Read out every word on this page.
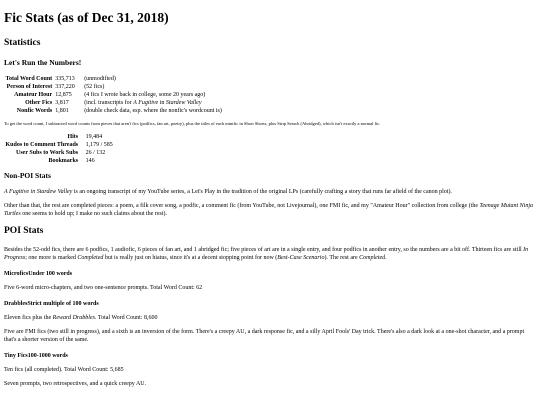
Fic Stats (as of Dec 31, 2018)
Statistics
Let's Run the Numbers!
Total Word Count	335,713	(unmodified)
Person of Interest	337,220	(52 fics)
Amateur Hour	12,875	(4 fics I wrote back in college, some 20 years ago)
Other Fics	3,817	(incl. transcripts for A Fugitive in Stardew Valley
Nonfic Words	1,801	(double check data, esp. where the nonfic's wordcount is)

To get the word count, I subtracted word counts from pieces that aren't fics (podfics, fan art, poetry), plus the titles of each minific in Short Shorts, plus Strip Search (Abridged), which isn't exactly a normal fic.

Hits	19,484
Kudos to Comment Threads	1,179 / 585
User Subs to Work Subs	26 / 132
Bookmarks	146
Non-POI Stats

A Fugitive in Stardew Valley is an ongoing transcript of my YouTube series, a Let's Play in the tradition of the original LPs (carefully crafting a story that runs far afield of the canon plot).

Other than that, the rest are completed pieces: a poem, a filk cover song, a podfic, a comment fic (from YouTube, not Livejournal), one FMI fic, and my "Amateur Hour" collection from college (the Teenage Mutant Ninja Turtles one seems to hold up; I make no such claims about the rest).

POI Stats

Besides the 52-odd fics, there are 6 podfics, 1 audiofic, 6 pieces of fan art, and 1 abridged fic; five pieces of art are in a single entry, and four podfics in another entry, so the numbers are a bit off. Thirteen fics are still In Progress; one more is marked Completed but is really just on hiatus, since it's at a decent stopping point for now (Best-Case Scenario). The rest are Completed.

MicroficsUnder 100 words

Five 6-word micro-chapters, and two one-sentence prompts. Total Word Count: 62

DrabblesStrict multiple of 100 words

Eleven fics plus the Reward Drabbles. Total Word Count: 8,600

Five are FMI fics (two still in progress), and a sixth is an inversion of the form. There's a creepy AU, a dark response fic, and a silly April Fools' Day trick. There's also a dark look at a one-shot character, and a prompt that's a shorter version of the same.

Tiny Fics100-1000 words

Ten fics (all completed). Total Word Count: 5,685

Seven prompts, two retrospectives, and a quick creepy AU.
